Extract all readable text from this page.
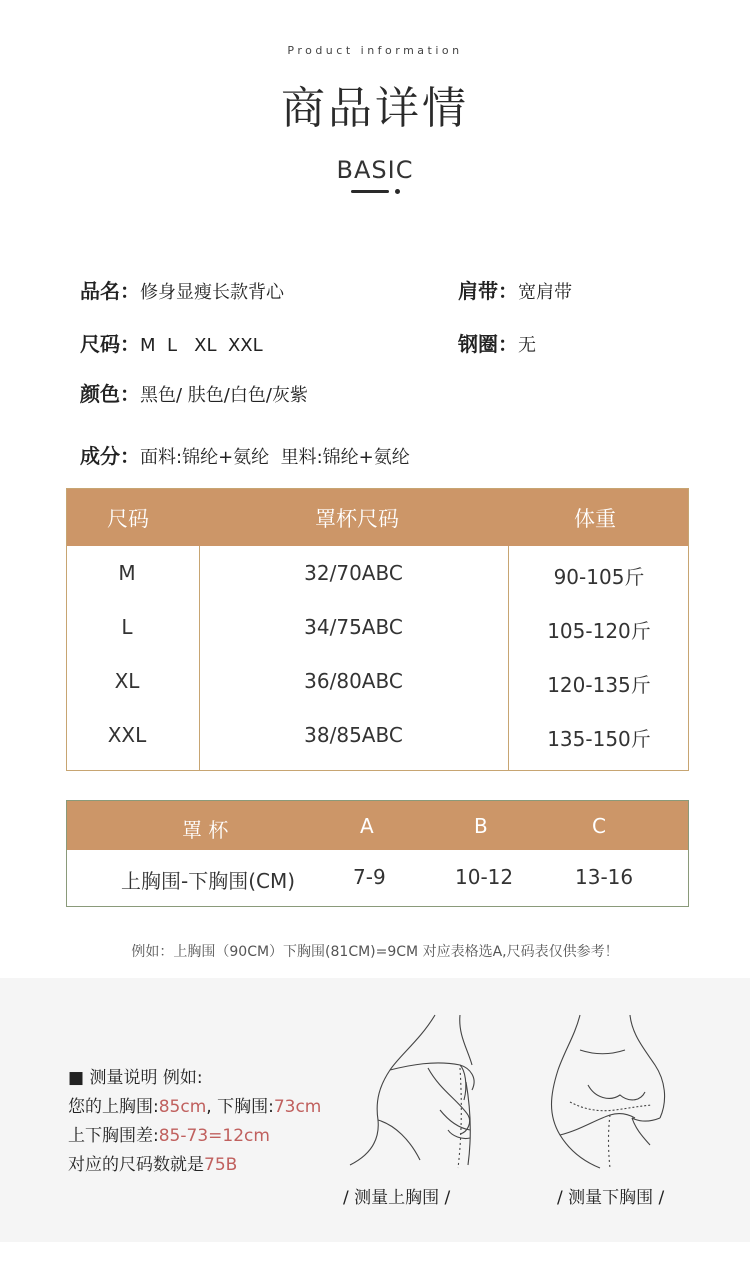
Product information
商品详情
BASIC
品名：修身显瘦长款背心	肩带：宽肩带
尺码：M  L   XL  XXL	钢圈：无
颜色：黑色/ 肤色/白色/灰紫
成分：面料:锦纶+氨纶  里料:锦纶+氨纶
尺码	罩杯尺码	体重
M	32/70ABC	90-105斤
L	34/75ABC	105-120斤
XL	36/80ABC	120-135斤
XXL	38/85ABC	135-150斤
罩 杯	A	B	C
上胸围-下胸围(CM)	7-9	10-12	13-16
例如：上胸围（90CM）下胸围(81CM)=9CM 对应表格选A,尺码表仅供参考！
■ 测量说明 例如:
您的上胸围:85cm, 下胸围:73cm
上下胸围差:85-73=12cm
对应的尺码数就是75B
/ 测量上胸围 /	/ 测量下胸围 /
